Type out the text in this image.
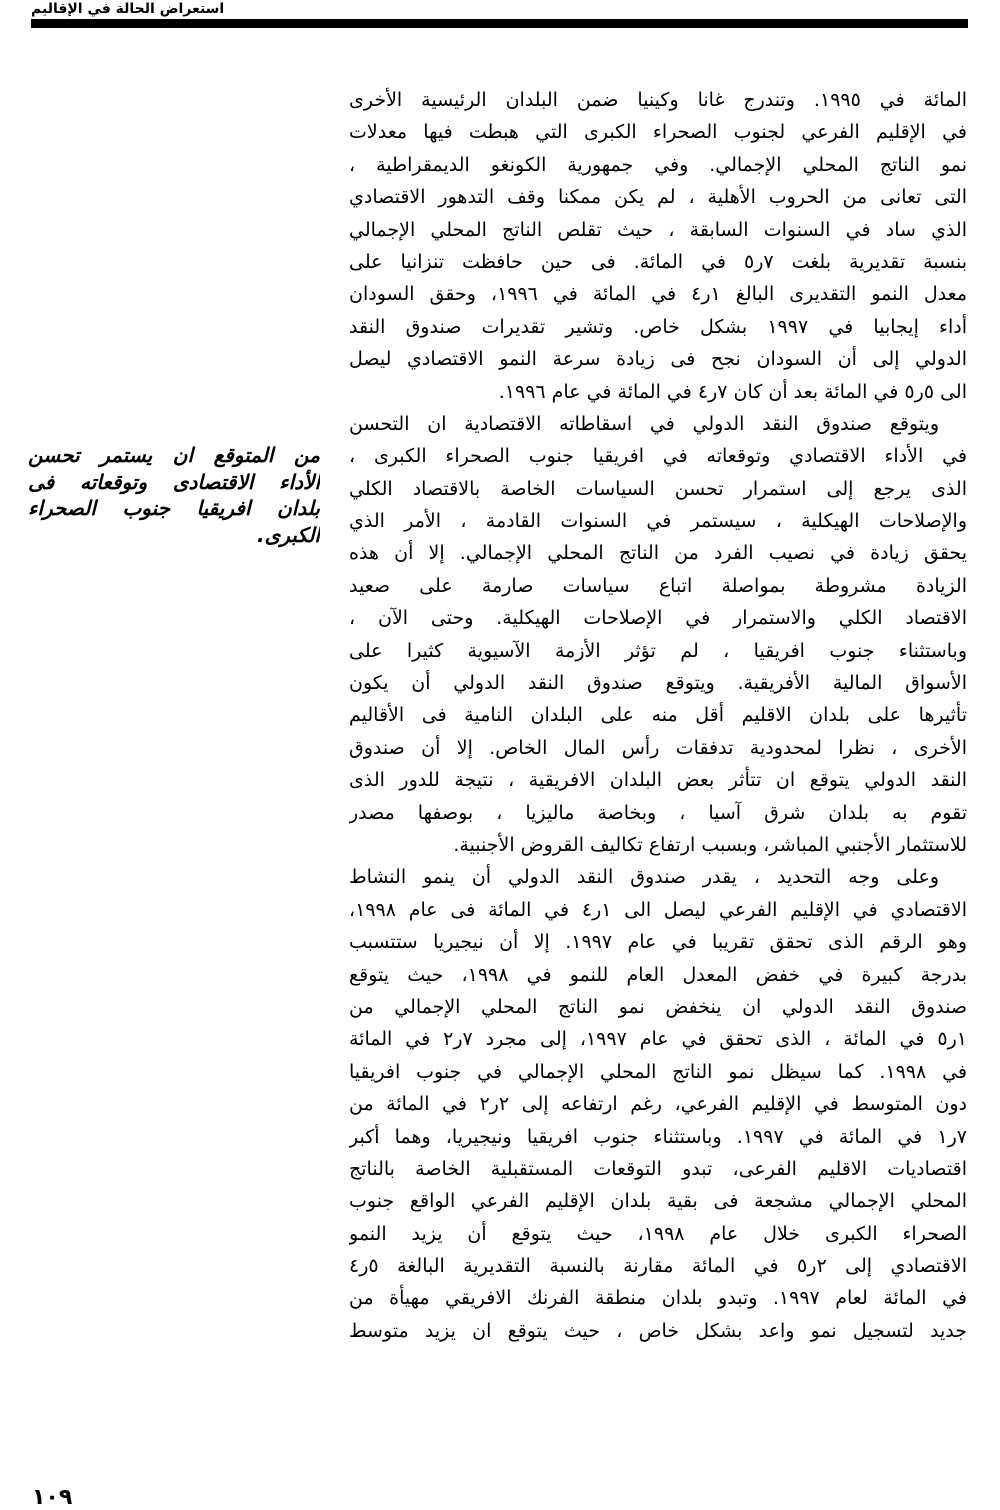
استعراض الحالة في الإقاليم
من المتوقع ان يستمر تحسن
الأداء الاقتصادى وتوقعاته فى
بلدان افريقيا جنوب الصحراء
الكبرى.
المائة في ١٩٩٥. وتندرج غانا وكينيا ضمن البلدان الرئيسية الأخرى
في الإقليم الفرعي لجنوب الصحراء الكبرى التي هبطت فيها معدلات
نمو الناتج المحلي الإجمالي. وفي جمهورية الكونغو الديمقراطية ،
التى تعانى من الحروب الأهلية ، لم يكن ممكنا وقف التدهور الاقتصادي
الذي ساد في السنوات السابقة ، حيث تقلص الناتج المحلي الإجمالي
بنسبة تقديرية بلغت ٧ر٥ في المائة. فى حين حافظت تنزانيا على
معدل النمو التقديرى البالغ ١ر٤ في المائة في ١٩٩٦، وحقق السودان
أداء إيجابيا في ١٩٩٧ بشكل خاص. وتشير تقديرات صندوق النقد
الدولي إلى أن السودان نجح فى زيادة سرعة النمو الاقتصادي ليصل
الى ٥ر٥ في المائة بعد أن كان ٧ر٤ في المائة في عام ١٩٩٦.
ويتوقع صندوق النقد الدولي في اسقاطاته الاقتصادية ان التحسن
في الأداء الاقتصادي وتوقعاته في افريقيا جنوب الصحراء الكبرى ،
الذى يرجع إلى استمرار تحسن السياسات الخاصة بالاقتصاد الكلي
والإصلاحات الهيكلية ، سيستمر في السنوات القادمة ، الأمر الذي
يحقق زيادة في نصيب الفرد من الناتج المحلي الإجمالي. إلا أن هذه
الزيادة مشروطة بمواصلة اتباع سياسات صارمة على صعيد
الاقتصاد الكلي والاستمرار في الإصلاحات الهيكلية. وحتى الآن ،
وباستثناء جنوب افريقيا ، لم تؤثر الأزمة الآسيوية كثيرا على
الأسواق المالية الأفريقية. ويتوقع صندوق النقد الدولي أن يكون
تأثيرها على بلدان الاقليم أقل منه على البلدان النامية فى الأقاليم
الأخرى ، نظرا لمحدودية تدفقات رأس المال الخاص. إلا أن صندوق
النقد الدولي يتوقع ان تتأثر بعض البلدان الافريقية ، نتيجة للدور الذى
تقوم به بلدان شرق آسيا ، وبخاصة ماليزيا ، بوصفها مصدر
للاستثمار الأجنبي المباشر، وبسبب ارتفاع تكاليف القروض الأجنبية.
وعلى وجه التحديد ، يقدر صندوق النقد الدولي أن ينمو النشاط
الاقتصادي في الإقليم الفرعي ليصل الى ١ر٤ في المائة فى عام ١٩٩٨،
وهو الرقم الذى تحقق تقريبا في عام ١٩٩٧. إلا أن نيجيريا ستتسبب
بدرجة كبيرة في خفض المعدل العام للنمو في ١٩٩٨، حيث يتوقع
صندوق النقد الدولي ان ينخفض نمو الناتج المحلي الإجمالي من
١ر٥ في المائة ، الذى تحقق في عام ١٩٩٧، إلى مجرد ٧ر٢ في المائة
في ١٩٩٨. كما سيظل نمو الناتج المحلي الإجمالي في جنوب افريقيا
دون المتوسط في الإقليم الفرعي، رغم ارتفاعه إلى ٢ر٢ في المائة من
٧ر١ في المائة في ١٩٩٧. وباستثناء جنوب افريقيا ونيجيريا، وهما أكبر
اقتصاديات الاقليم الفرعى، تبدو التوقعات المستقبلية الخاصة بالناتج
المحلي الإجمالي مشجعة فى بقية بلدان الإقليم الفرعي الواقع جنوب
الصحراء الكبرى خلال عام ١٩٩٨، حيث يتوقع أن يزيد النمو
الاقتصادي إلى ٢ر٥ في المائة مقارنة بالنسبة التقديرية البالغة ٥ر٤
في المائة لعام ١٩٩٧. وتبدو بلدان منطقة الفرنك الافريقي مهيأة من
جديد لتسجيل نمو واعد بشكل خاص ، حيث يتوقع ان يزيد متوسط
١٠٩
